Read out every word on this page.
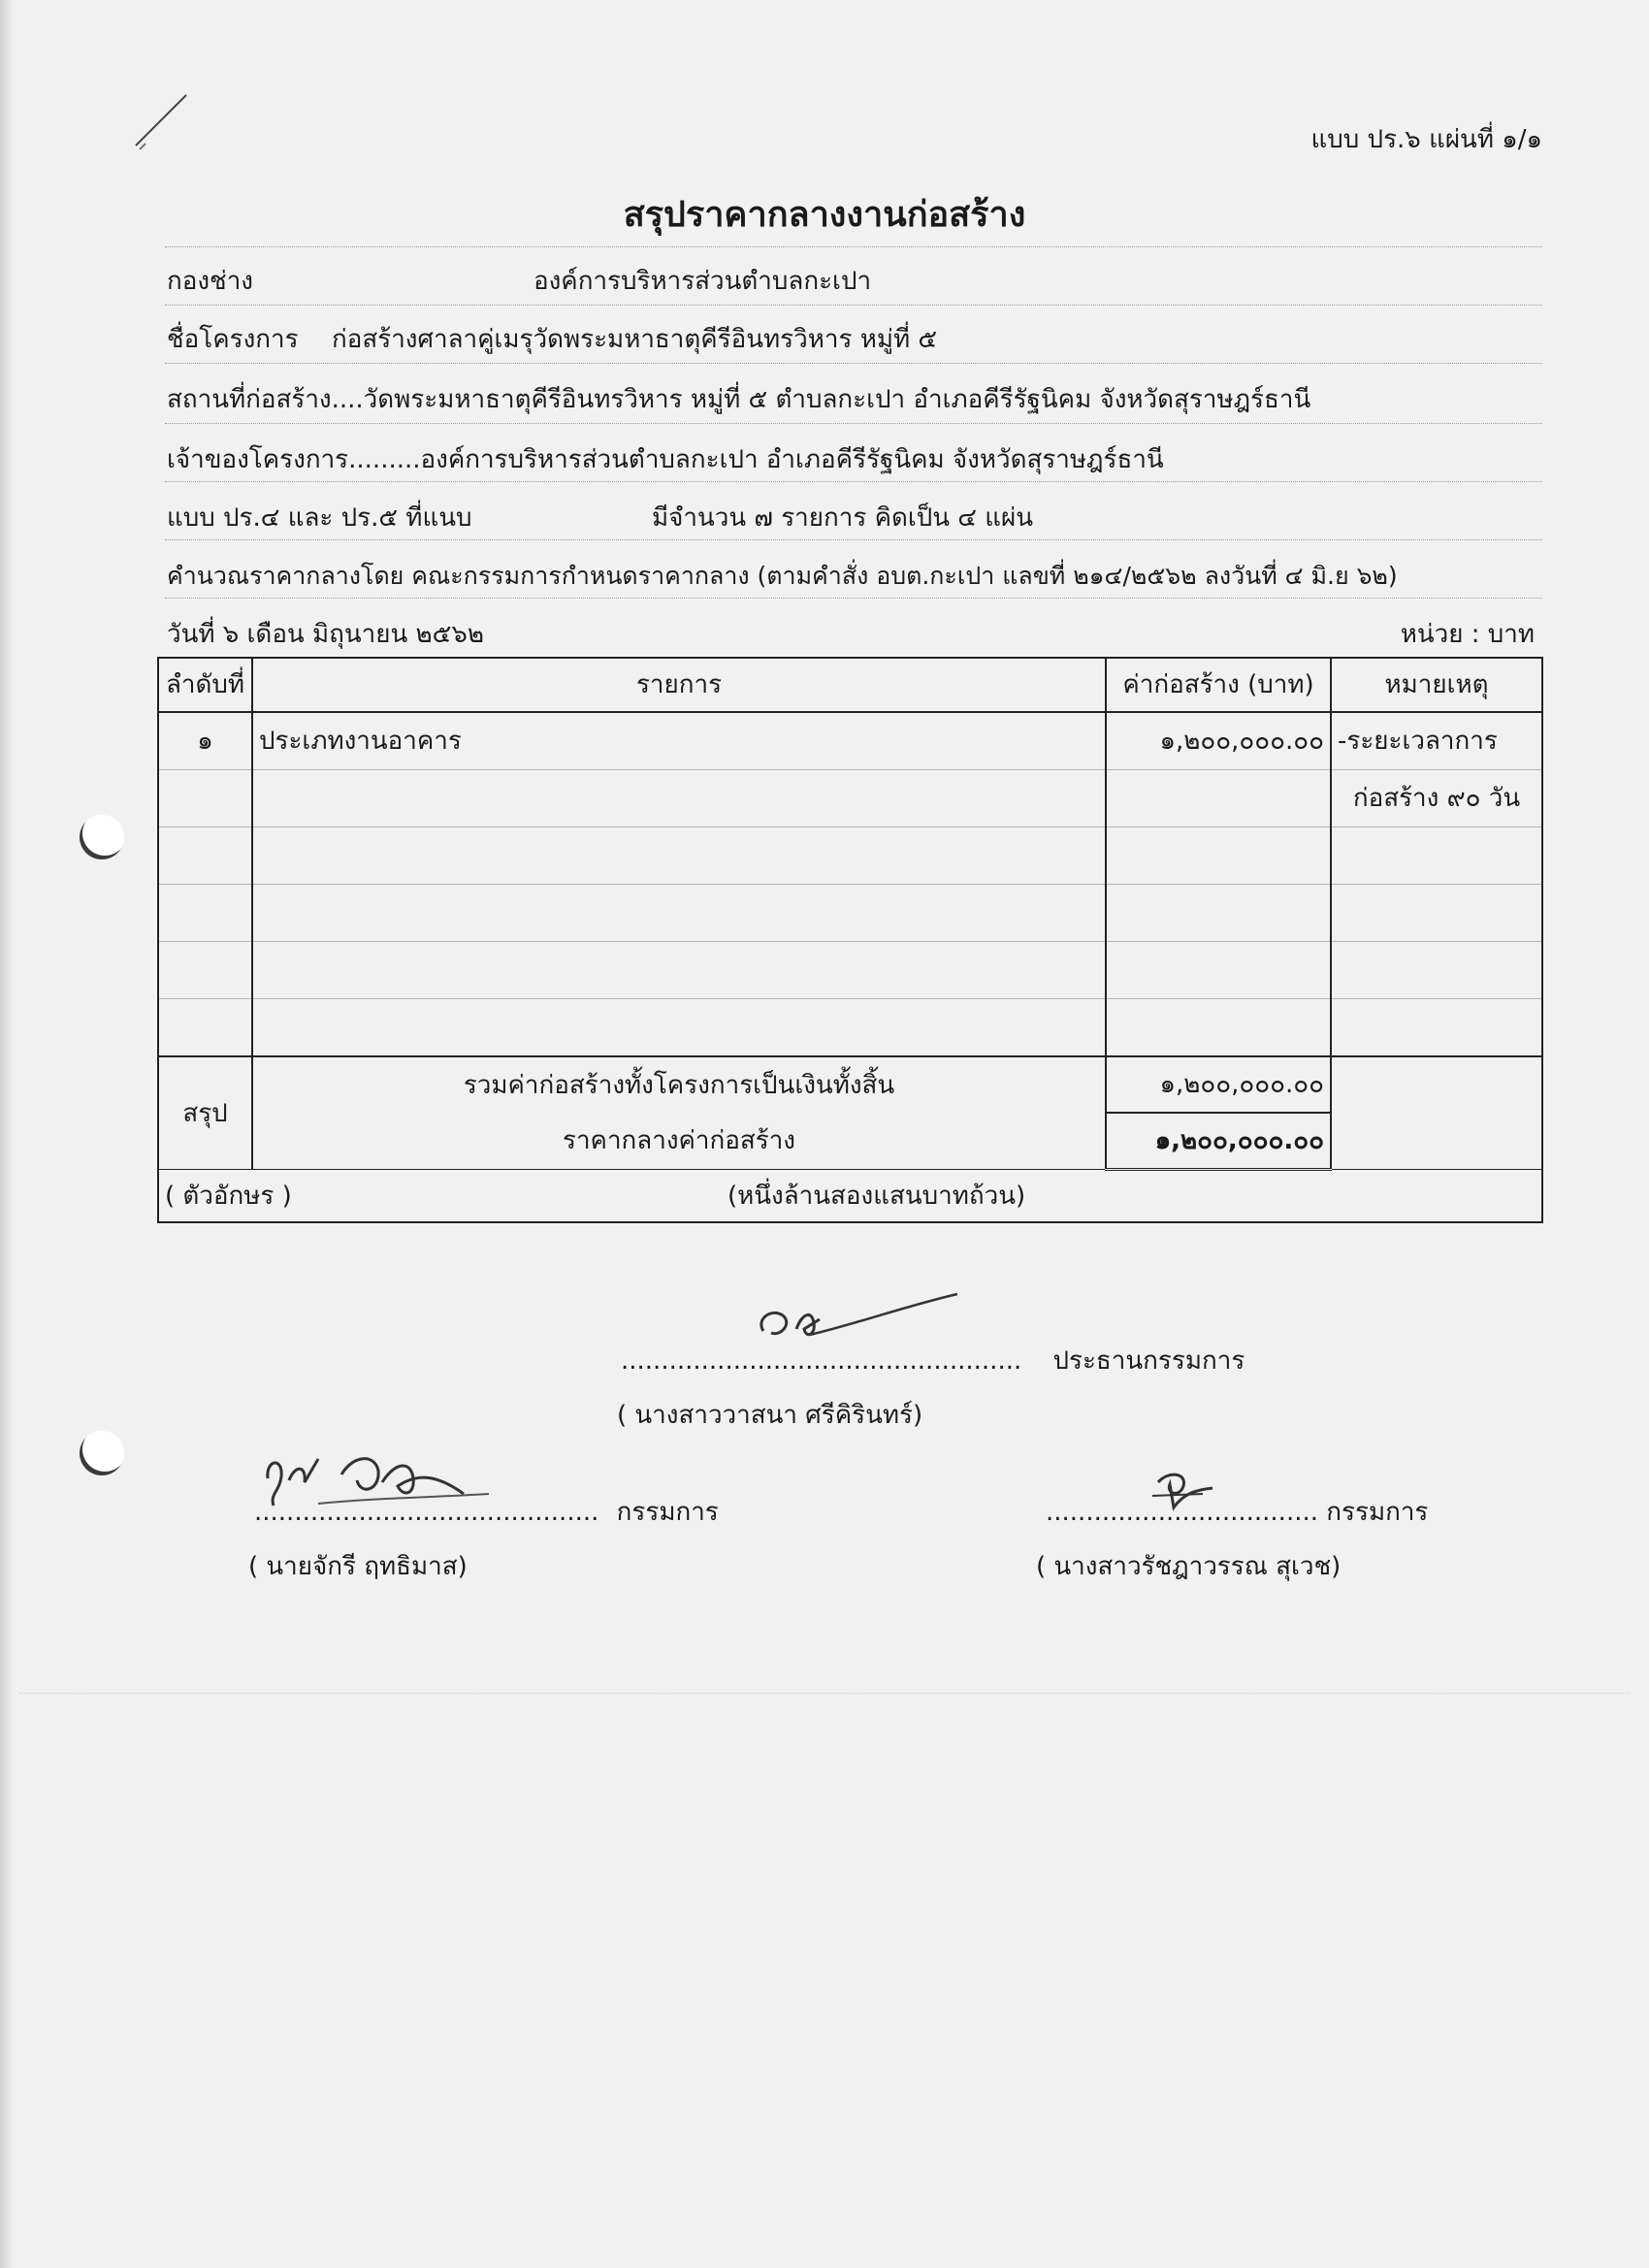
แบบ ปร.๖ แผ่นที่ ๑/๑
สรุปราคากลางงานก่อสร้าง
กองช่าง	องค์การบริหารส่วนตำบลกะเปา
ชื่อโครงการ ก่อสร้างศาลาคู่เมรุวัดพระมหาธาตุคีรีอินทรวิหาร หมู่ที่ ๕
สถานที่ก่อสร้าง....วัดพระมหาธาตุคีรีอินทรวิหาร หมู่ที่ ๕ ตำบลกะเปา อำเภอคีรีรัฐนิคม จังหวัดสุราษฎร์ธานี
เจ้าของโครงการ.........องค์การบริหารส่วนตำบลกะเปา อำเภอคีรีรัฐนิคม จังหวัดสุราษฎร์ธานี
แบบ ปร.๔ และ ปร.๕ ที่แนบ	มีจำนวน ๗ รายการ คิดเป็น ๔ แผ่น
คำนวณราคากลางโดย คณะกรรมการกำหนดราคากลาง (ตามคำสั่ง อบต.กะเปา แลขที่ ๒๑๔/๒๕๖๒ ลงวันที่ ๔ มิ.ย ๖๒)
วันที่ ๖ เดือน มิถุนายน ๒๕๖๒	หน่วย : บาท
ลำดับที่	รายการ	ค่าก่อสร้าง (บาท)	หมายเหตุ
๑	ประเภทงานอาคาร	๑,๒๐๐,๐๐๐.๐๐	-ระยะเวลาการ
			ก่อสร้าง ๙๐ วัน

สรุป	รวมค่าก่อสร้างทั้งโครงการเป็นเงินทั้งสิ้น	๑,๒๐๐,๐๐๐.๐๐	
	ราคากลางค่าก่อสร้าง	๑,๒๐๐,๐๐๐.๐๐	
( ตัวอักษร )		(หนึ่งล้านสองแสนบาทถ้วน)	
.................................................. ประธานกรรมการ
( นางสาววาสนา ศรีคิรินทร์)
........................................... กรรมการ
( นายจักรี ฤทธิมาส)
.................................. กรรมการ
( นางสาวรัชฎาวรรณ สุเวช)
